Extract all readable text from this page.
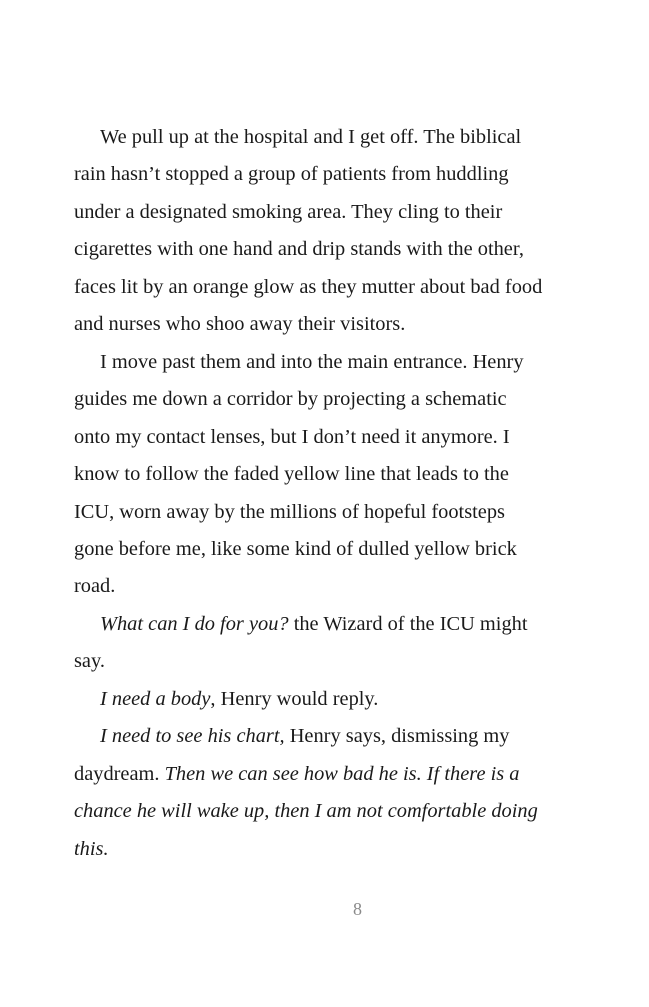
We pull up at the hospital and I get off. The biblical
rain hasn’t stopped a group of patients from huddling
under a designated smoking area. They cling to their
cigarettes with one hand and drip stands with the other,
faces lit by an orange glow as they mutter about bad food
and nurses who shoo away their visitors.

I move past them and into the main entrance. Henry
guides me down a corridor by projecting a schematic
onto my contact lenses, but I don’t need it anymore. I
know to follow the faded yellow line that leads to the
ICU, worn away by the millions of hopeful footsteps
gone before me, like some kind of dulled yellow brick
road.

What can I do for you? the Wizard of the ICU might
say.

I need a body, Henry would reply.

I need to see his chart, Henry says, dismissing my
daydream. Then we can see how bad he is. If there is a
chance he will wake up, then I am not comfortable doing
this.

8
